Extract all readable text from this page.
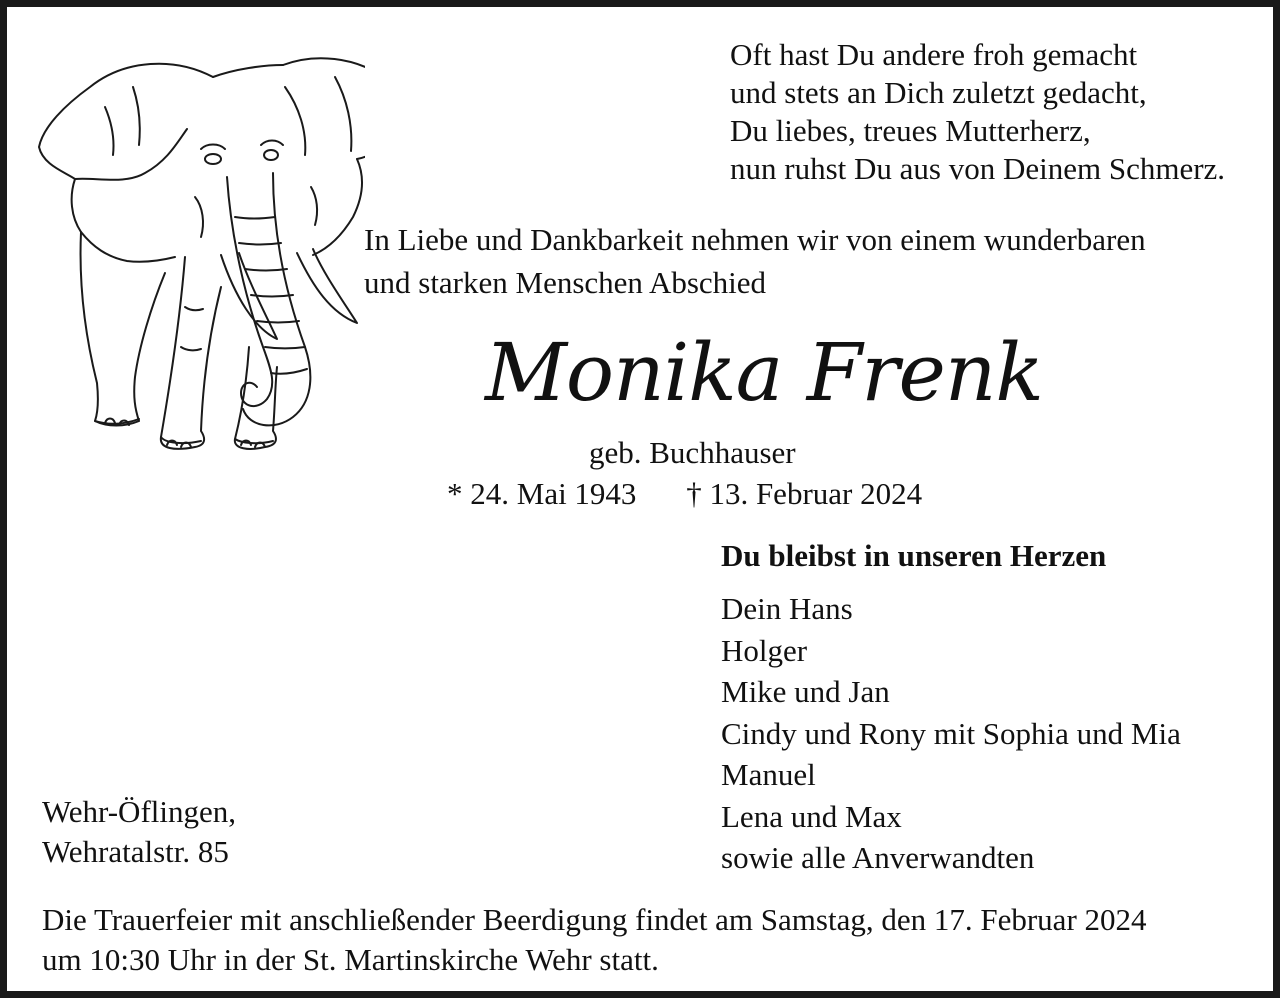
Oft hast Du andere froh gemacht
und stets an Dich zuletzt gedacht,
Du liebes, treues Mutterherz,
nun ruhst Du aus von Deinem Schmerz.
In Liebe und Dankbarkeit nehmen wir von einem wunderbaren
und starken Menschen Abschied
Monika Frenk
geb. Buchhauser
* 24. Mai 1943 † 13. Februar 2024
Du bleibst in unseren Herzen
Dein Hans
Holger
Mike und Jan
Cindy und Rony mit Sophia und Mia
Manuel
Lena und Max
sowie alle Anverwandten
Wehr-Öflingen,
Wehratalstr. 85
Die Trauerfeier mit anschließender Beerdigung findet am Samstag, den 17. Februar 2024
um 10:30 Uhr in der St. Martinskirche Wehr statt.
